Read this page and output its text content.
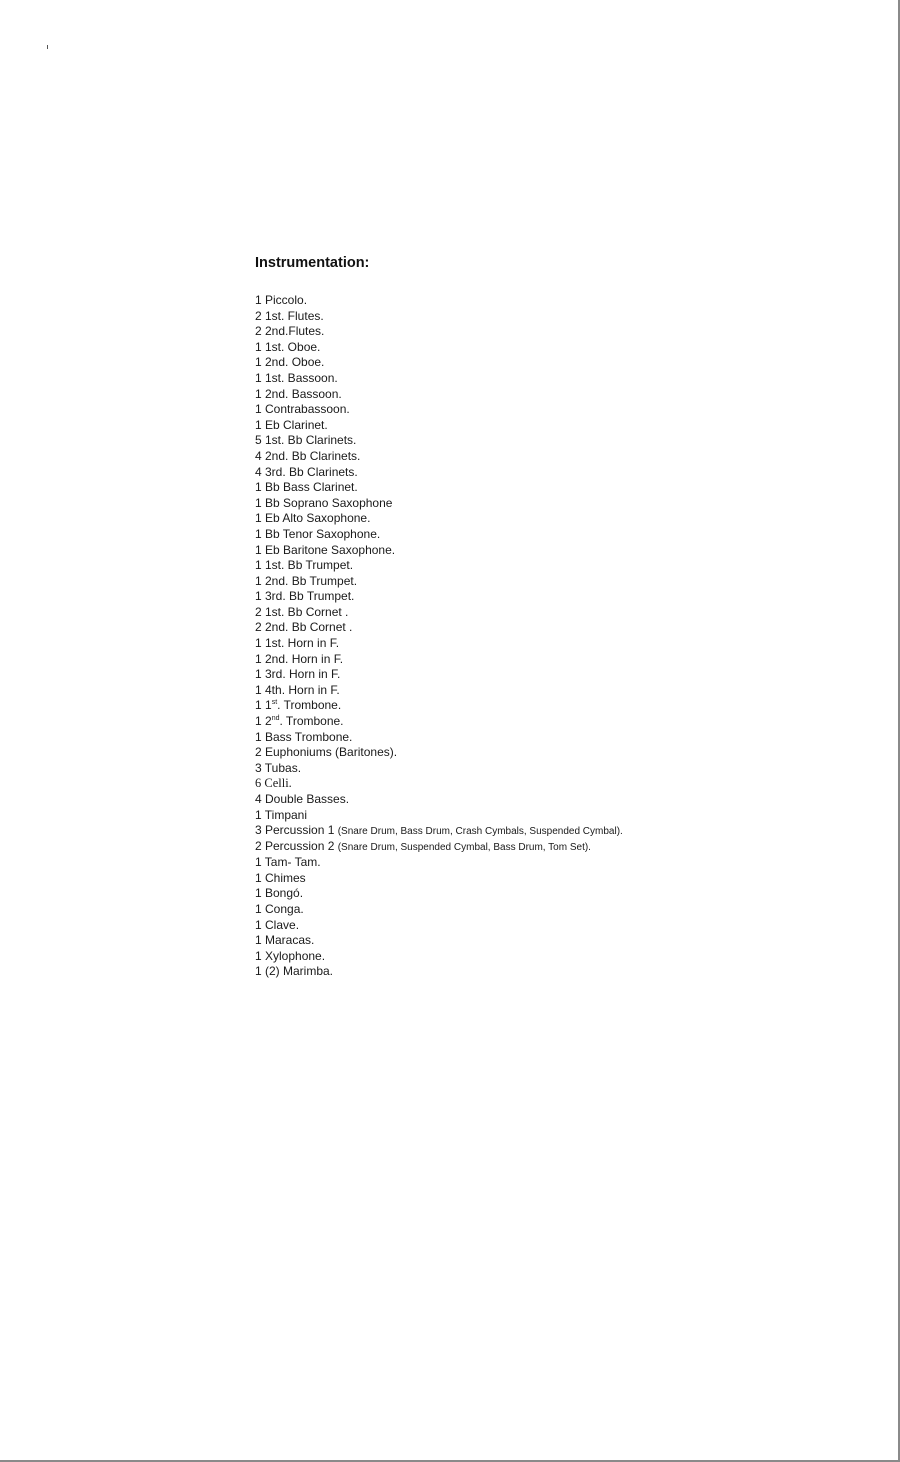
Instrumentation:
1 Piccolo.
2 1st. Flutes.
2 2nd.Flutes.
1 1st. Oboe.
1 2nd. Oboe.
1 1st. Bassoon.
1 2nd. Bassoon.
1 Contrabassoon.
1 Eb Clarinet.
5 1st. Bb Clarinets.
4 2nd. Bb Clarinets.
4 3rd. Bb Clarinets.
1 Bb Bass Clarinet.
1 Bb Soprano Saxophone
1 Eb Alto Saxophone.
1 Bb Tenor Saxophone.
1 Eb Baritone Saxophone.
1 1st. Bb Trumpet.
1 2nd. Bb Trumpet.
1 3rd. Bb Trumpet.
2 1st. Bb Cornet .
2 2nd. Bb Cornet .
1 1st. Horn in F.
1 2nd. Horn in F.
1 3rd. Horn in F.
1 4th. Horn in F.
1 1st. Trombone.
1 2nd. Trombone.
1 Bass Trombone.
2 Euphoniums (Baritones).
3 Tubas.
6 Celli.
4 Double Basses.
1 Timpani
3 Percussion 1 (Snare Drum, Bass Drum, Crash Cymbals, Suspended Cymbal).
2 Percussion 2 (Snare Drum, Suspended Cymbal, Bass Drum, Tom Set).
1 Tam- Tam.
1 Chimes
1 Bongó.
1 Conga.
1 Clave.
1 Maracas.
1 Xylophone.
1 (2) Marimba.
